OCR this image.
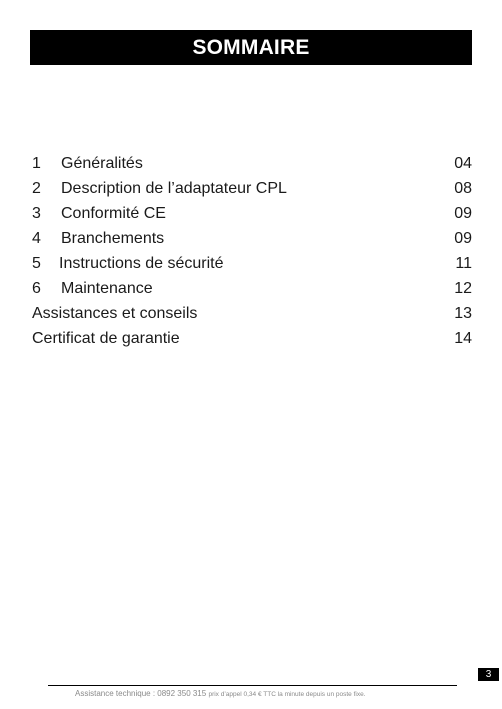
SOMMAIRE
1 Généralités	04
2 Description de l’adaptateur CPL	08
3 Conformité CE	09
4 Branchements	09
5 Instructions de sécurité	11
6 Maintenance	12
Assistances et conseils	13
Certificat de garantie	14
3
Assistance technique : 0892 350 315 prix d’appel 0,34 € TTC la minute depuis un poste fixe.
